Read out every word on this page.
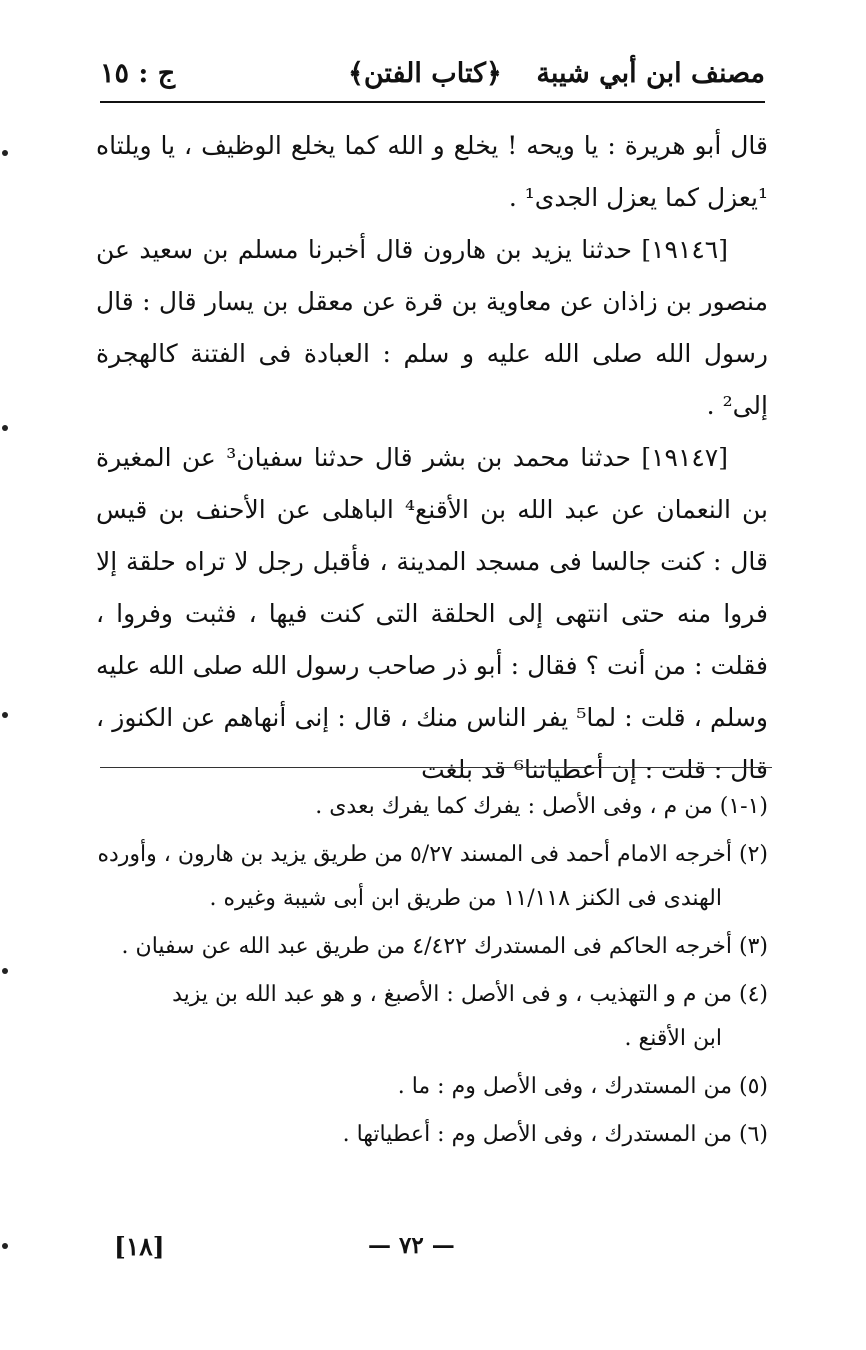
مصنف ابن أبي شيبة
﴿كتاب الفتن﴾
ج : ١٥

قال أبو هريرة : يا ويحه ! يخلع و الله كما يخلع الوظيف ، يا ويلتاه ¹يعزل كما يعزل الجدى¹ .

[١٩١٤٦] حدثنا يزيد بن هارون قال أخبرنا مسلم بن سعيد عن منصور بن زاذان عن معاوية بن قرة عن معقل بن يسار قال : قال رسول الله صلى الله عليه و سلم : العبادة فى الفتنة كالهجرة إلى² .

[١٩١٤٧] حدثنا محمد بن بشر قال حدثنا سفيان³ عن المغيرة بن النعمان عن عبد الله بن الأقنع⁴ الباهلى عن الأحنف بن قيس قال : كنت جالسا فى مسجد المدينة ، فأقبل رجل لا تراه حلقة إلا فروا منه حتى انتهى إلى الحلقة التى كنت فيها ، فثبت وفروا ، فقلت : من أنت ؟ فقال : أبو ذر صاحب رسول الله صلى الله عليه وسلم ، قلت : لما⁵ يفر الناس منك ، قال : إنى أنهاهم عن الكنوز ، قال : قلت : إن أعطياتنا⁶ قد بلغت

(١-١) من م ، وفى الأصل : يفرك كما يفرك بعدى .

(٢) أخرجه الامام أحمد فى المسند ٥/٢٧ من طريق يزيد بن هارون ، وأورده
الهندى فى الكنز ١١/١١٨ من طريق ابن أبى شيبة وغيره .

(٣) أخرجه الحاكم فى المستدرك ٤/٤٢٢ من طريق عبد الله عن سفيان .

(٤) من م و التهذيب ، و فى الأصل : الأصبغ ، و هو عبد الله بن يزيد
ابن الأقنع .

(٥) من المستدرك ، وفى الأصل وم : ما .

(٦) من المستدرك ، وفى الأصل وم : أعطياتها .

[١٨]	— ٧٢ —
